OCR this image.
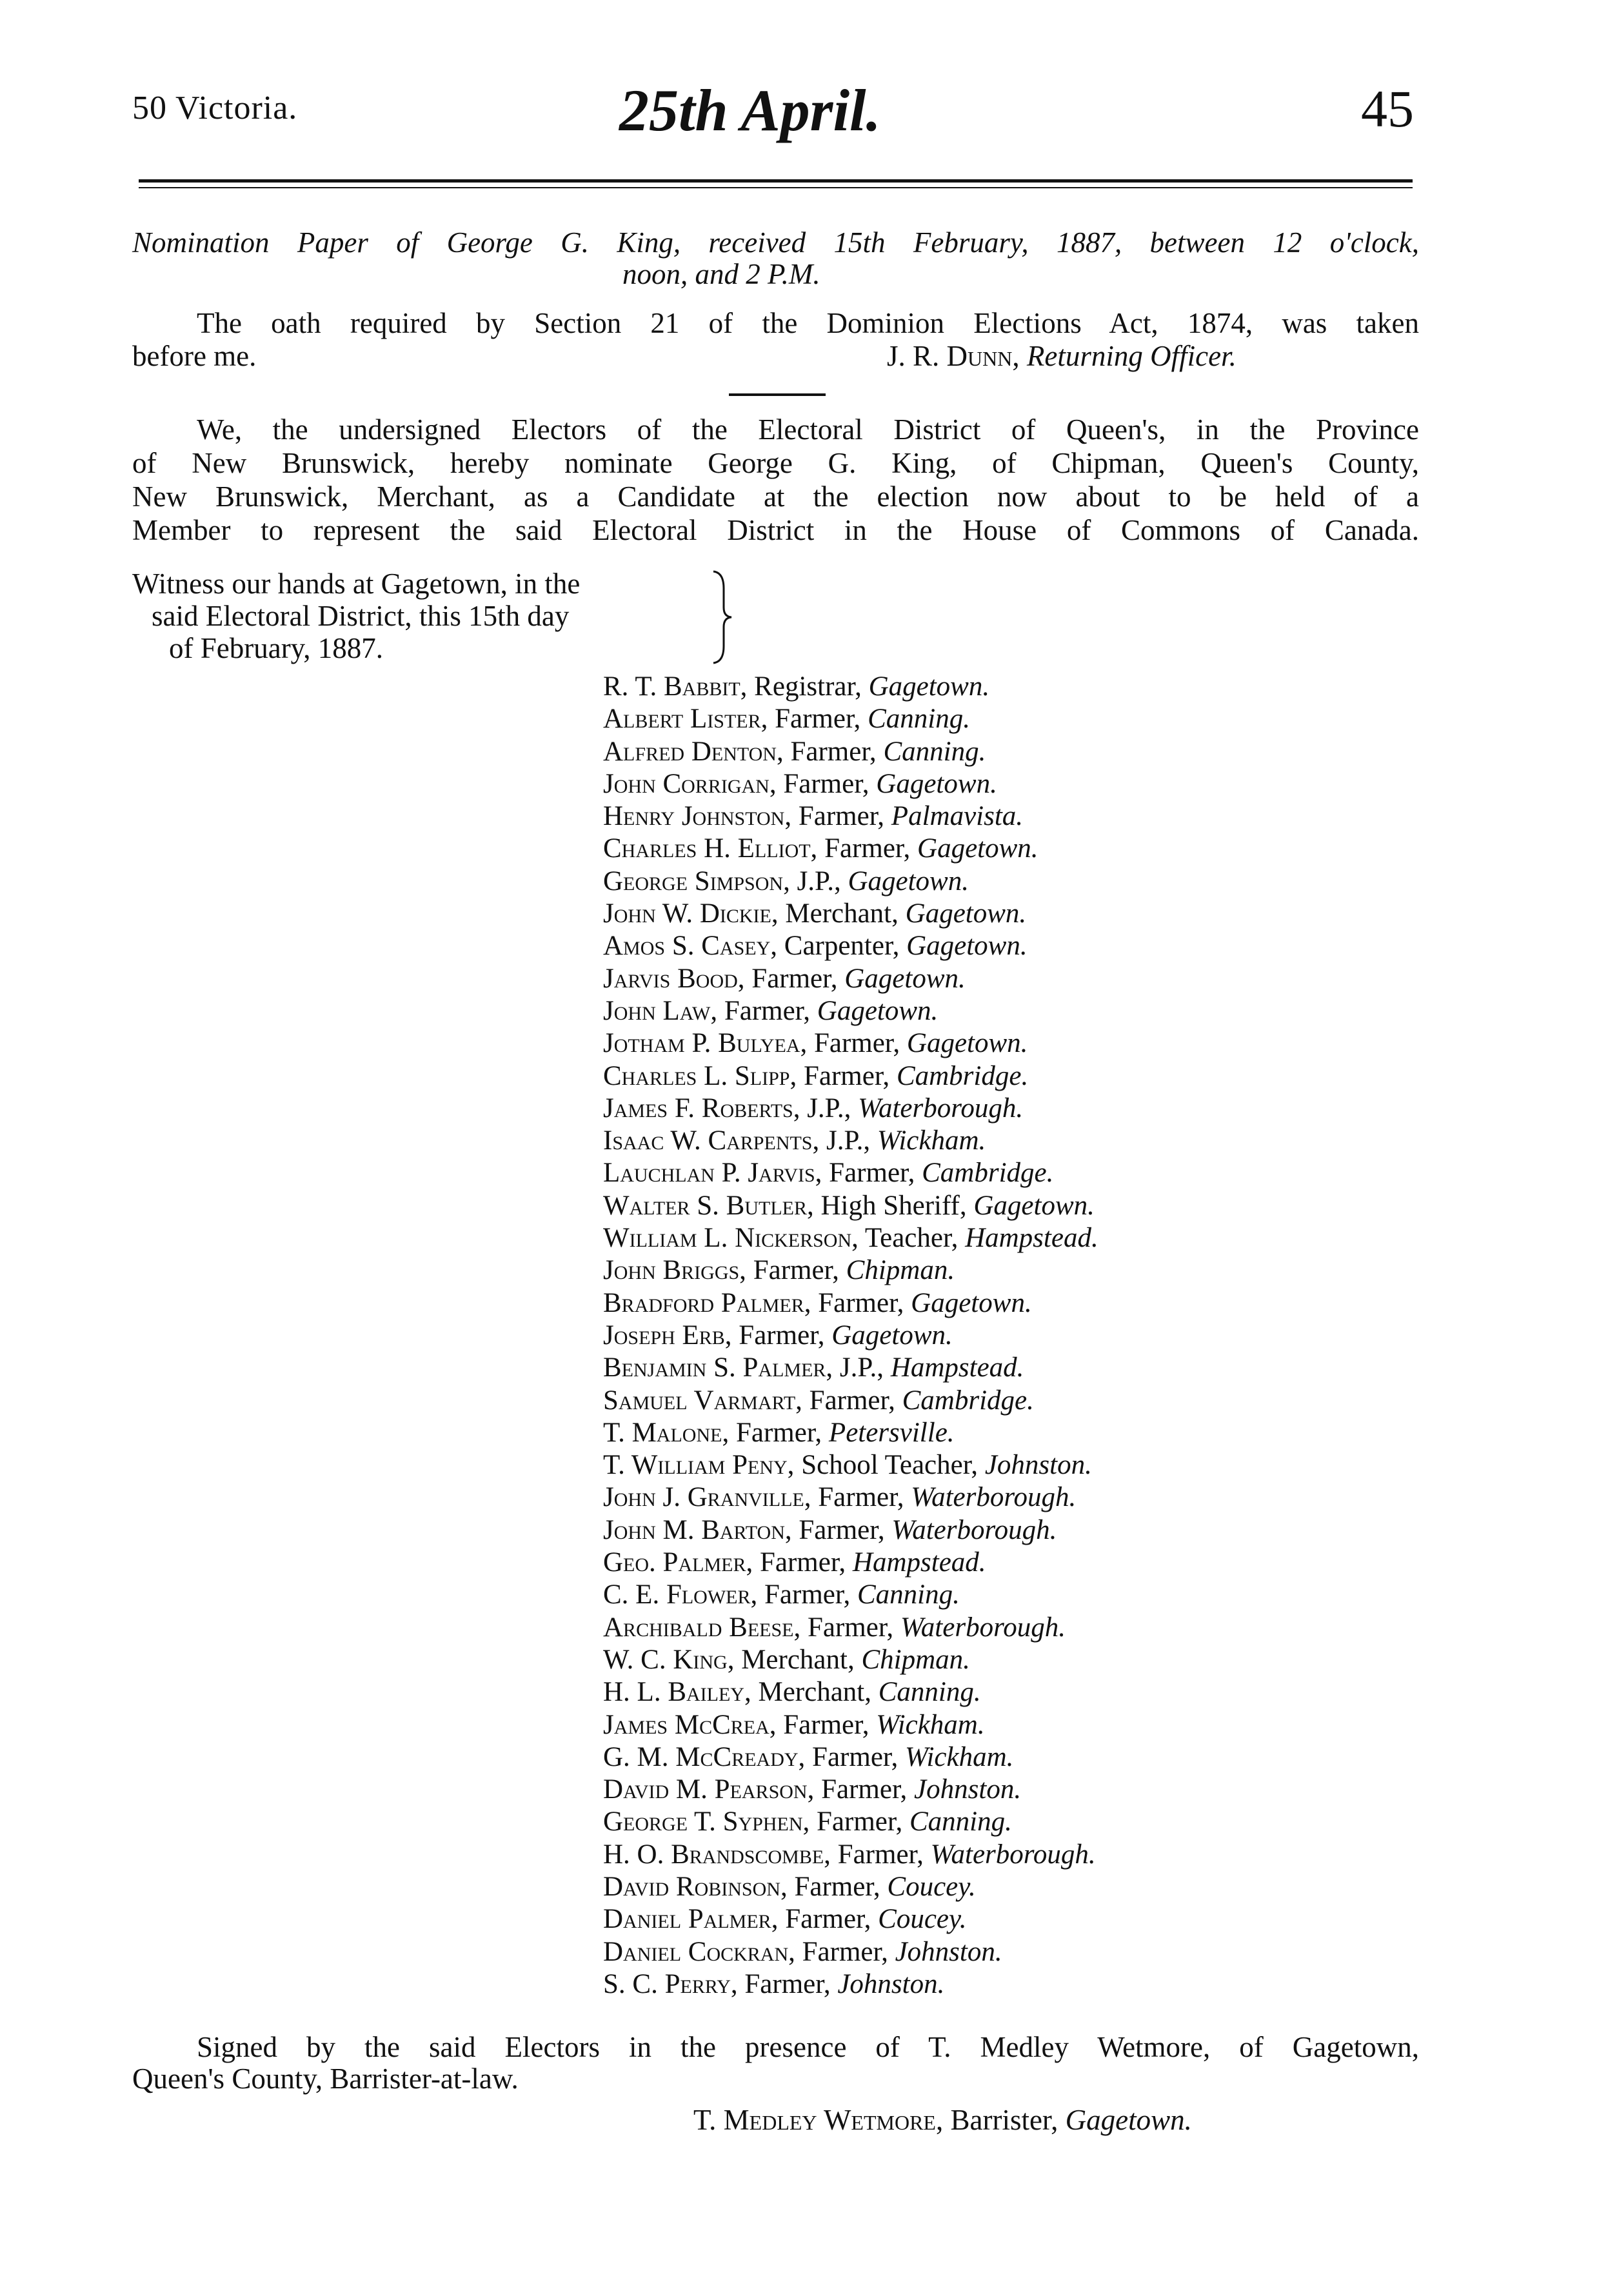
50 Victoria.	25th April.	45
Nomination Paper of George G. King, received 15th February, 1887, between 12 o'clock,
noon, and 2 P.M.
The oath required by Section 21 of the Dominion Elections Act, 1874, was taken
before me.	J. R. Dunn, Returning Officer.
We, the undersigned Electors of the Electoral District of Queen's, in the Province
of New Brunswick, hereby nominate George G. King, of Chipman, Queen's County,
New Brunswick, Merchant, as a Candidate at the election now about to be held of a
Member to represent the said Electoral District in the House of Commons of Canada.
Witness our hands at Gagetown, in the
said Electoral District, this 15th day
of February, 1887.
R. T. Babbit, Registrar, Gagetown.
Albert Lister, Farmer, Canning.
Alfred Denton, Farmer, Canning.
John Corrigan, Farmer, Gagetown.
Henry Johnston, Farmer, Palmavista.
Charles H. Elliot, Farmer, Gagetown.
George Simpson, J.P., Gagetown.
John W. Dickie, Merchant, Gagetown.
Amos S. Casey, Carpenter, Gagetown.
Jarvis Bood, Farmer, Gagetown.
John Law, Farmer, Gagetown.
Jotham P. Bulyea, Farmer, Gagetown.
Charles L. Slipp, Farmer, Cambridge.
James F. Roberts, J.P., Waterborough.
Isaac W. Carpents, J.P., Wickham.
Lauchlan P. Jarvis, Farmer, Cambridge.
Walter S. Butler, High Sheriff, Gagetown.
William L. Nickerson, Teacher, Hampstead.
John Briggs, Farmer, Chipman.
Bradford Palmer, Farmer, Gagetown.
Joseph Erb, Farmer, Gagetown.
Benjamin S. Palmer, J.P., Hampstead.
Samuel Varmart, Farmer, Cambridge.
T. Malone, Farmer, Petersville.
T. William Peny, School Teacher, Johnston.
John J. Granville, Farmer, Waterborough.
John M. Barton, Farmer, Waterborough.
Geo. Palmer, Farmer, Hampstead.
C. E. Flower, Farmer, Canning.
Archibald Beese, Farmer, Waterborough.
W. C. King, Merchant, Chipman.
H. L. Bailey, Merchant, Canning.
James McCrea, Farmer, Wickham.
G. M. McCready, Farmer, Wickham.
David M. Pearson, Farmer, Johnston.
George T. Syphen, Farmer, Canning.
H. O. Brandscombe, Farmer, Waterborough.
David Robinson, Farmer, Coucey.
Daniel Palmer, Farmer, Coucey.
Daniel Cockran, Farmer, Johnston.
S. C. Perry, Farmer, Johnston.
Signed by the said Electors in the presence of T. Medley Wetmore, of Gagetown,
Queen's County, Barrister-at-law.
T. Medley Wetmore, Barrister, Gagetown.
